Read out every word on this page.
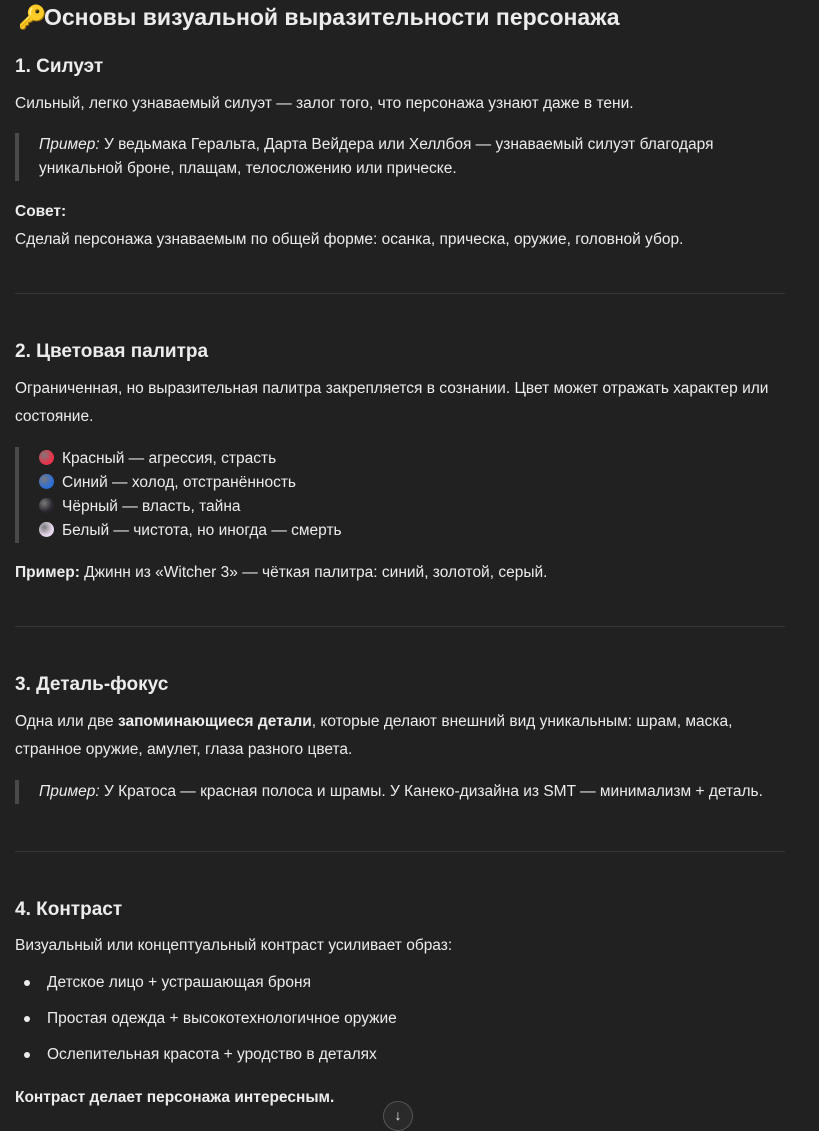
🔑Основы визуальной выразительности персонажа
1. Силуэт

Сильный, легко узнаваемый силуэт — залог того, что персонажа узнают даже в тени.

Пример: У ведьмака Геральта, Дарта Вейдера или Хеллбоя — узнаваемый силуэт благодаря
уникальной броне, плащам, телосложению или прическе.

Совет:

Сделай персонажа узнаваемым по общей форме: осанка, прическа, оружие, головной убор.

2. Цветовая палитра

Ограниченная, но выразительная палитра закрепляется в сознании. Цвет может отражать характер или

состояние.

Красный — агрессия, страсть
Синий — холод, отстранённость
Чёрный — власть, тайна
Белый — чистота, но иногда — смерть

Пример: Джинн из «Witcher 3» — чёткая палитра: синий, золотой, серый.

3. Деталь-фокус

Одна или две запоминающиеся детали, которые делают внешний вид уникальным: шрам, маска,

странное оружие, амулет, глаза разного цвета.

Пример: У Кратоса — красная полоса и шрамы. У Канеко-дизайна из SMT — минимализм + деталь.
4. Контраст

Визуальный или концептуальный контраст усиливает образ:

Детское лицо + устрашающая броня
Простая одежда + высокотехнологичное оружие
Ослепительная красота + уродство в деталях

Контраст делает персонажа интересным.

↓
